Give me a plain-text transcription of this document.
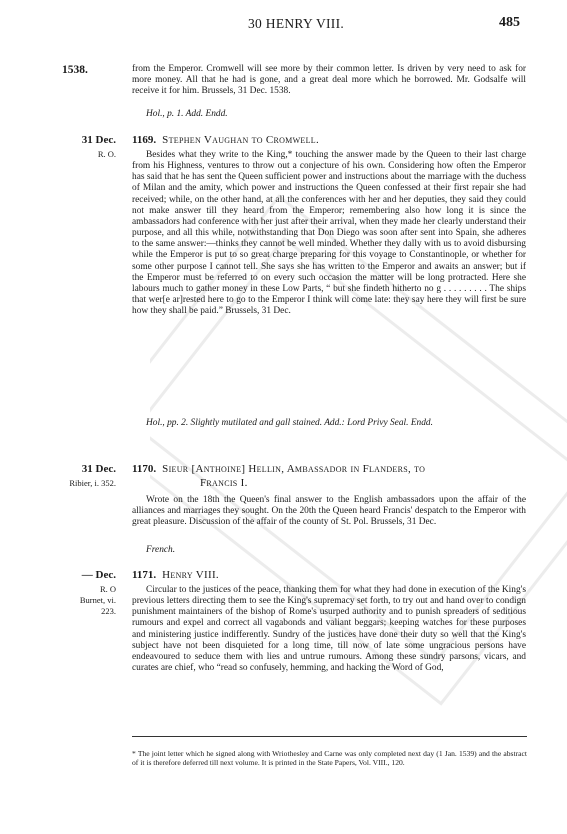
30 HENRY VIII.	485
1538.	from the Emperor. Cromwell will see more by their common letter. Is driven by very need to ask for more money. All that he had is gone, and a great deal more which he borrowed. Mr. Godsalfe will receive it for him. Brussels, 31 Dec. 1538.

Hol., p. 1. Add. Endd.
31 Dec.
R. O.
1169. Stephen Vaughan to Cromwell.

Besides what they write to the King,* touching the answer made by the Queen to their last charge from his Highness, ventures to throw out a conjecture of his own. Considering how often the Emperor has said that he has sent the Queen sufficient power and instructions about the marriage with the duchess of Milan and the amity, which power and instructions the Queen confessed at their first repair she had received; while, on the other hand, at all the conferences with her and her deputies, they said they could not make answer till they heard from the Emperor; remembering also how long it is since the ambassadors had conference with her just after their arrival, when they made her clearly understand their purpose, and all this while, notwithstanding that Don Diego was soon after sent into Spain, she adheres to the same answer:—thinks they cannot be well minded. Whether they dally with us to avoid disbursing while the Emperor is put to so great charge preparing for this voyage to Constantinople, or whether for some other purpose I cannot tell. She says she has written to the Emperor and awaits an answer; but if the Emperor must be referred to on every such occasion the matter will be long protracted. Here she labours much to gather money in these Low Parts, “ but she findeth hitherto no g . . . . . . . . . The ships that wer[e ar]rested here to go to the Emperor I think will come late: they say here they will first be sure how they shall be paid.” Brussels, 31 Dec.

Hol., pp. 2. Slightly mutilated and gall stained. Add.: Lord Privy Seal. Endd.
31 Dec.
Ribier, i. 352.
1170. Sieur [Anthoine] Hellin, Ambassador in Flanders, to
Francis I.

Wrote on the 18th the Queen's final answer to the English ambassadors upon the affair of the alliances and marriages they sought. On the 20th the Queen heard Francis' despatch to the Emperor with great pleasure. Discussion of the affair of the county of St. Pol. Brussels, 31 Dec.

French.
— Dec.
R. O
Burnet, vi.
223.
1171. Henry VIII.

Circular to the justices of the peace, thanking them for what they had done in execution of the King's previous letters directing them to see the King's supremacy set forth, to try out and hand over to condign punishment maintainers of the bishop of Rome's usurped authority and to punish spreaders of seditious rumours and expel and correct all vagabonds and valiant beggars; keeping watches for these purposes and ministering justice indifferently. Sundry of the justices have done their duty so well that the King's subject have not been disquieted for a long time, till now of late some ungracious persons have endeavoured to seduce them with lies and untrue rumours. Among these sundry parsons, vicars, and curates are chief, who “read so confusely, hemming, and hacking the Word of God,

* The joint letter which he signed along with Wriothesley and Carne was only completed next day (1 Jan. 1539) and the abstract of it is therefore deferred till next volume. It is printed in the State Papers, Vol. VIII., 120.
